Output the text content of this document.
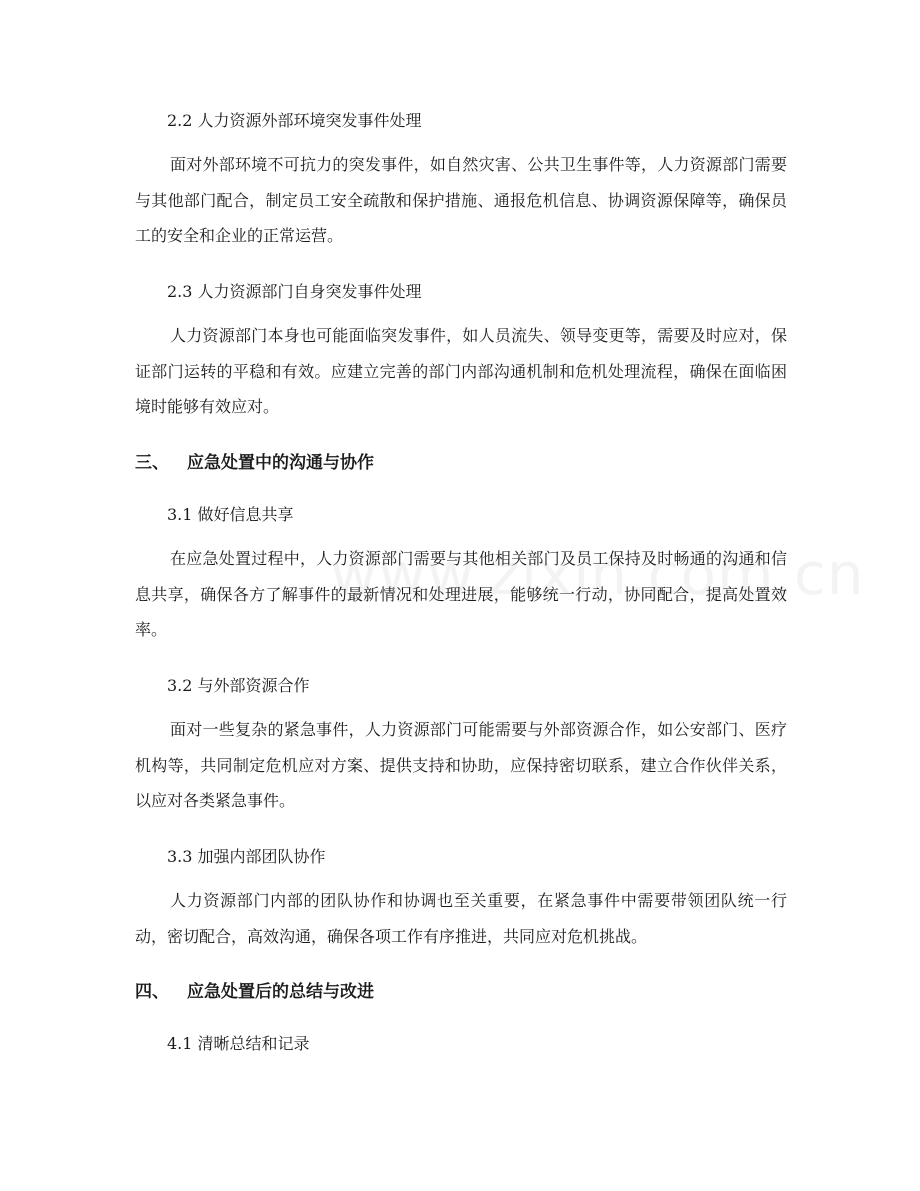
2.2 人力资源外部环境突发事件处理

面对外部环境不可抗力的突发事件，如自然灾害、公共卫生事件等，人力资源部门需要与其他部门配合，制定员工安全疏散和保护措施、通报危机信息、协调资源保障等，确保员工的安全和企业的正常运营。

2.3 人力资源部门自身突发事件处理

人力资源部门本身也可能面临突发事件，如人员流失、领导变更等，需要及时应对，保证部门运转的平稳和有效。应建立完善的部门内部沟通机制和危机处理流程，确保在面临困境时能够有效应对。

三、 应急处置中的沟通与协作
3.1 做好信息共享

在应急处置过程中，人力资源部门需要与其他相关部门及员工保持及时畅通的沟通和信息共享，确保各方了解事件的最新情况和处理进展，能够统一行动，协同配合，提高处置效率。

3.2 与外部资源合作

面对一些复杂的紧急事件，人力资源部门可能需要与外部资源合作，如公安部门、医疗机构等，共同制定危机应对方案、提供支持和协助，应保持密切联系，建立合作伙伴关系，以应对各类紧急事件。

3.3 加强内部团队协作

人力资源部门内部的团队协作和协调也至关重要，在紧急事件中需要带领团队统一行动，密切配合，高效沟通，确保各项工作有序推进，共同应对危机挑战。

四、 应急处置后的总结与改进
4.1 清晰总结和记录
